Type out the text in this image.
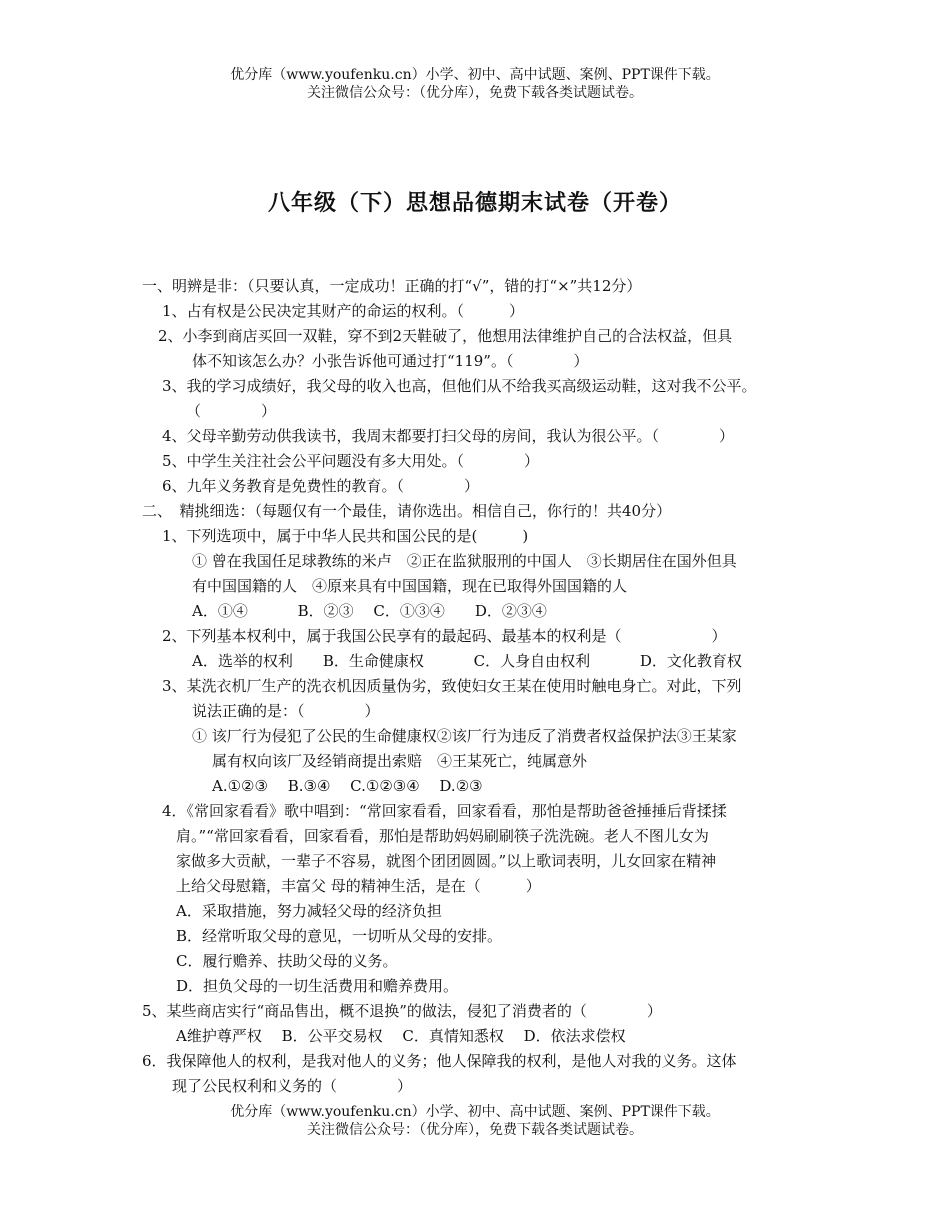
优分库（www.youfenku.cn）小学、初中、高中试题、案例、PPT课件下载。
关注微信公众号：（优分库），免费下载各类试题试卷。
八年级（下）思想品德期末试卷（开卷）
一、明辨是非：（只要认真，一定成功！正确的打“√”，错的打“×”共12分）
1、占有权是公民决定其财产的命运的权利。（　　　）
2、小李到商店买回一双鞋，穿不到2天鞋破了，他想用法律维护自己的合法权益，但具
体不知该怎么办？小张告诉他可通过打“119”。（　　　　）
3、我的学习成绩好，我父母的收入也高，但他们从不给我买高级运动鞋，这对我不公平。
（　　　　）
4、父母辛勤劳动供我读书，我周末都要打扫父母的房间，我认为很公平。（　　　　）
5、中学生关注社会公平问题没有多大用处。（　　　　）
6、九年义务教育是免费性的教育。（　　　　）
二、　精挑细选：（每题仅有一个最佳，请你选出。相信自己，你行的！共40分）
1、下列选项中，属于中华人民共和国公民的是(　　　)
① 曾在我国任足球教练的米卢　②正在监狱服刑的中国人　③长期居住在国外但具
有中国国籍的人　④原来具有中国国籍，现在已取得外国国籍的人
A．①④　　　 B．②③　 C．①③④　　D．②③④
2、下列基本权利中，属于我国公民享有的最起码、最基本的权利是（　　　　　　）
A．选举的权利　　B．生命健康权　　　 C．人身自由权利　　　 D．文化教育权
3、某洗衣机厂生产的洗衣机因质量伪劣，致使妇女王某在使用时触电身亡。对此，下列
说法正确的是：（　　　　）
① 该厂行为侵犯了公民的生命健康权②该厂行为违反了消费者权益保护法③王某家
属有权向该厂及经销商提出索赔　④王某死亡，纯属意外
A.①②③　 B.③④　 C.①②③④　 D.②③
4．《常回家看看》歌中唱到：“常回家看看，回家看看，那怕是帮助爸爸捶捶后背揉揉
肩。”“常回家看看，回家看看，那怕是帮助妈妈刷刷筷子洗洗碗。老人不图儿女为
家做多大贡献，一辈子不容易，就图个团团圆圆。”以上歌词表明，儿女回家在精神
上给父母慰籍，丰富父 母的精神生活，是在（　　　）
A．采取措施，努力减轻父母的经济负担
B．经常听取父母的意见，一切听从父母的安排。
C．履行赡养、扶助父母的义务。
D．担负父母的一切生活费用和赡养费用。
5、某些商店实行“商品售出，概不退换”的做法，侵犯了消费者的（　　　　）
A维护尊严权　 B．公平交易权　 C．真情知悉权　 D．依法求偿权
6．我保障他人的权利，是我对他人的义务；他人保障我的权利，是他人对我的义务。这体
现了公民权利和义务的（　　　　）
优分库（www.youfenku.cn）小学、初中、高中试题、案例、PPT课件下载。
关注微信公众号：（优分库），免费下载各类试题试卷。
